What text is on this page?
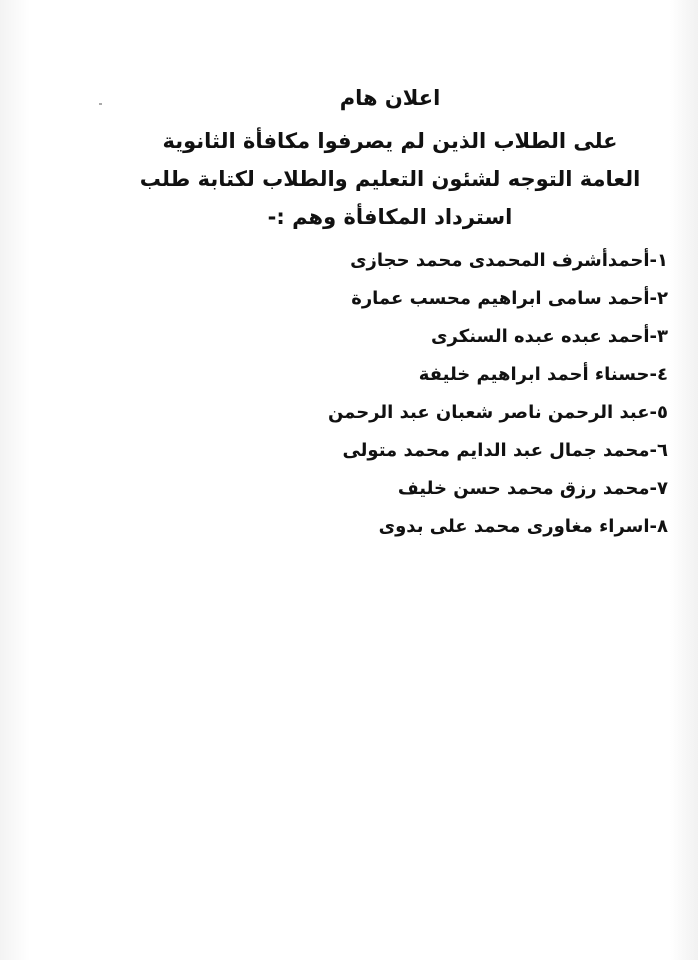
اعلان هام
على الطلاب الذين لم يصرفوا مكافأة الثانوية
العامة التوجه لشئون التعليم والطلاب لكتابة طلب
استرداد المكافأة وهم :-
١-أحمدأشرف المحمدى محمد حجازى
٢-أحمد سامى ابراهيم محسب عمارة
٣-أحمد عبده عبده السنكرى
٤-حسناء أحمد ابراهيم خليفة
٥-عبد الرحمن ناصر شعبان عبد الرحمن
٦-محمد جمال عبد الدايم محمد متولى
٧-محمد رزق محمد حسن خليف
٨-اسراء مغاورى محمد على بدوى
